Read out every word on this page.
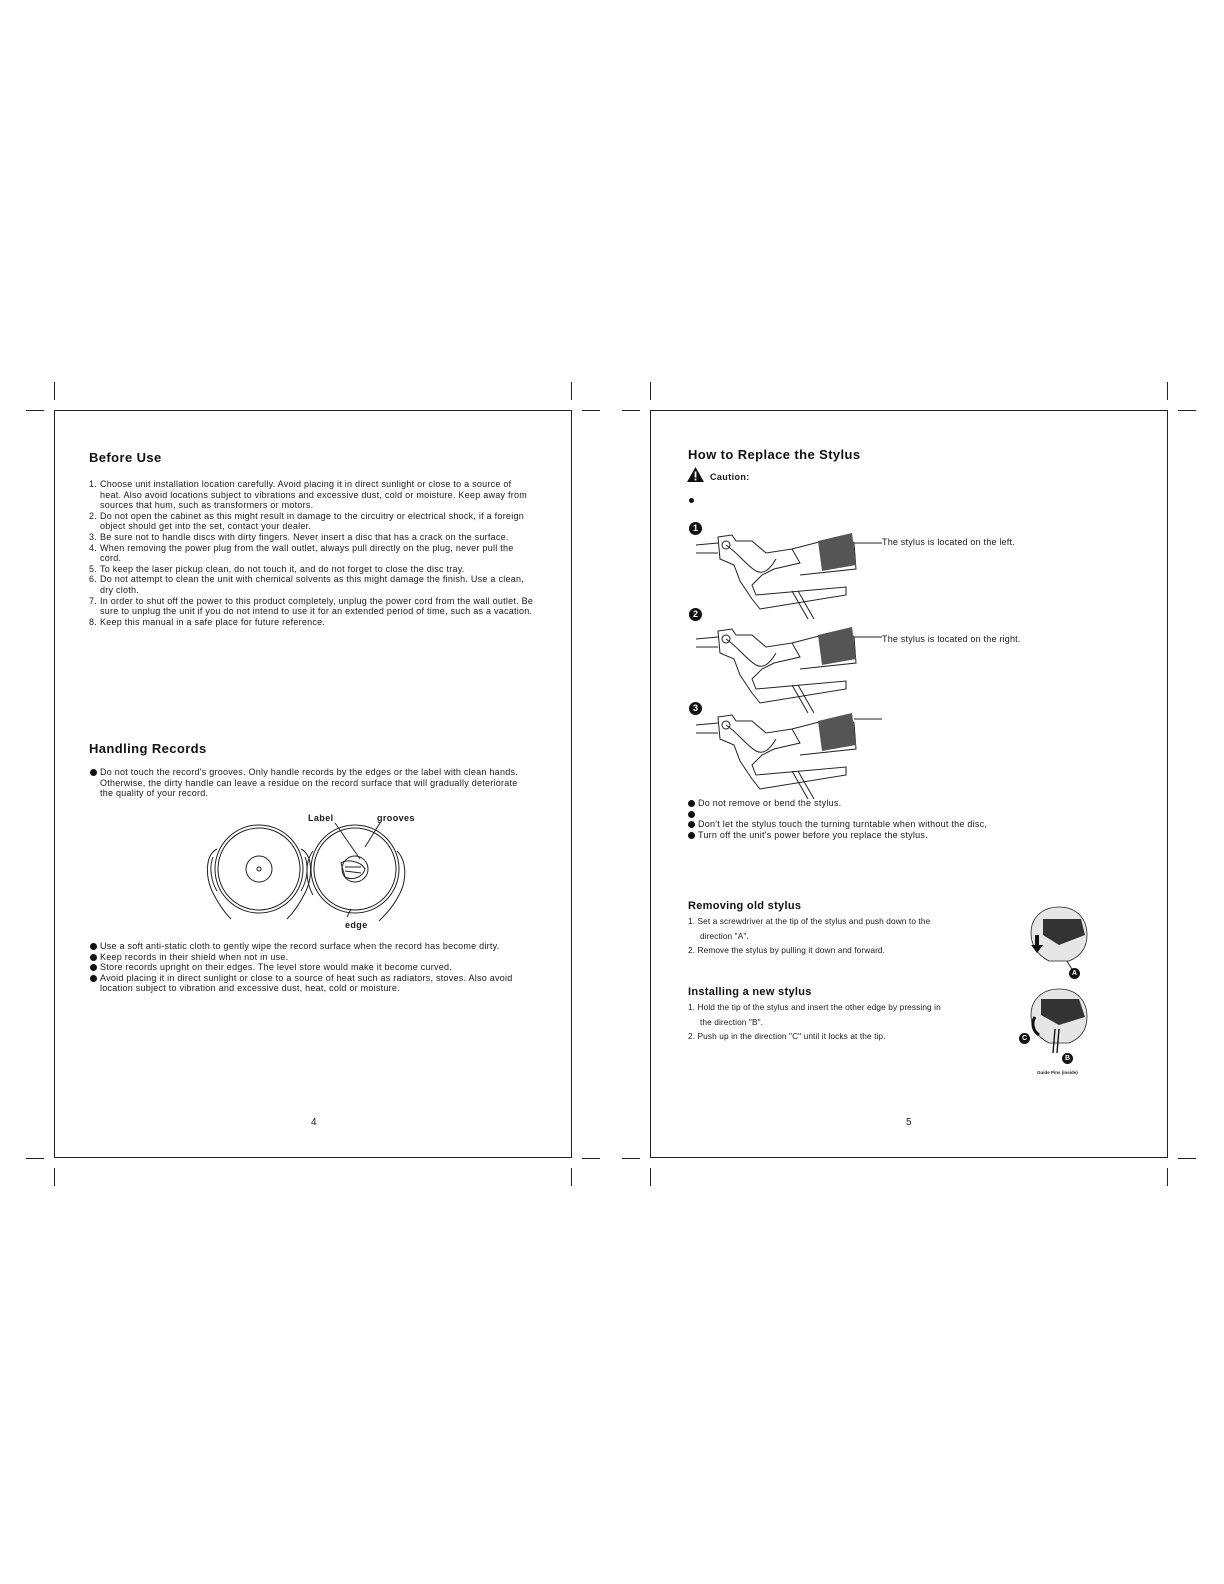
Before Use
1. Choose unit installation location carefully. Avoid placing it in direct sunlight or close to a source of heat. Also avoid locations subject to vibrations and excessive dust, cold or moisture. Keep away from sources that hum, such as transformers or motors.
2. Do not open the cabinet as this might result in damage to the circuitry or electrical shock, if a foreign object should get into the set, contact your dealer.
3. Be sure not to handle discs with dirty fingers. Never insert a disc that has a crack on the surface.
4. When removing the power plug from the wall outlet, always pull directly on the plug, never pull the cord.
5. To keep the laser pickup clean, do not touch it, and do not forget to close the disc tray.
6. Do not attempt to clean the unit with chemical solvents as this might damage the finish. Use a clean, dry cloth.
7. In order to shut off the power to this product completely, unplug the power cord from the wall outlet. Be sure to unplug the unit if you do not intend to use it for an extended period of time, such as a vacation.
8. Keep this manual in a safe place for future reference.
Handling Records
Do not touch the record's grooves. Only handle records by the edges or the label with clean hands. Otherwise, the dirty handle can leave a residue on the record surface that will gradually deteriorate the quality of your record.
Label	grooves
edge
Use a soft anti-static cloth to gently wipe the record surface when the record has become dirty.
Keep records in their shield when not in use.
Store records upright on their edges. The level store would make it become curved.
Avoid placing it in direct sunlight or close to a source of heat such as radiators, stoves. Also avoid location subject to vibration and excessive dust, heat, cold or moisture.
4
How to Replace the Stylus
Caution:
1
The stylus is located on the left.
2
The stylus is located on the right.
3
Do not remove or bend the stylus.
Don't let the stylus touch the turning turntable when without the disc,
Turn off the unit's power before you replace the stylus.
Removing old stylus
1. Set a screwdriver at the tip of the stylus and push down to the
direction "A".
2. Remove the stylus by pulling it down and forward.
A
Installing a new stylus
1. Hold the tip of the stylus and insert the other edge by pressing in
the direction "B".
2. Push up in the direction "C" until it locks at the tip.	C
B
Guide Pins (inside)
5
